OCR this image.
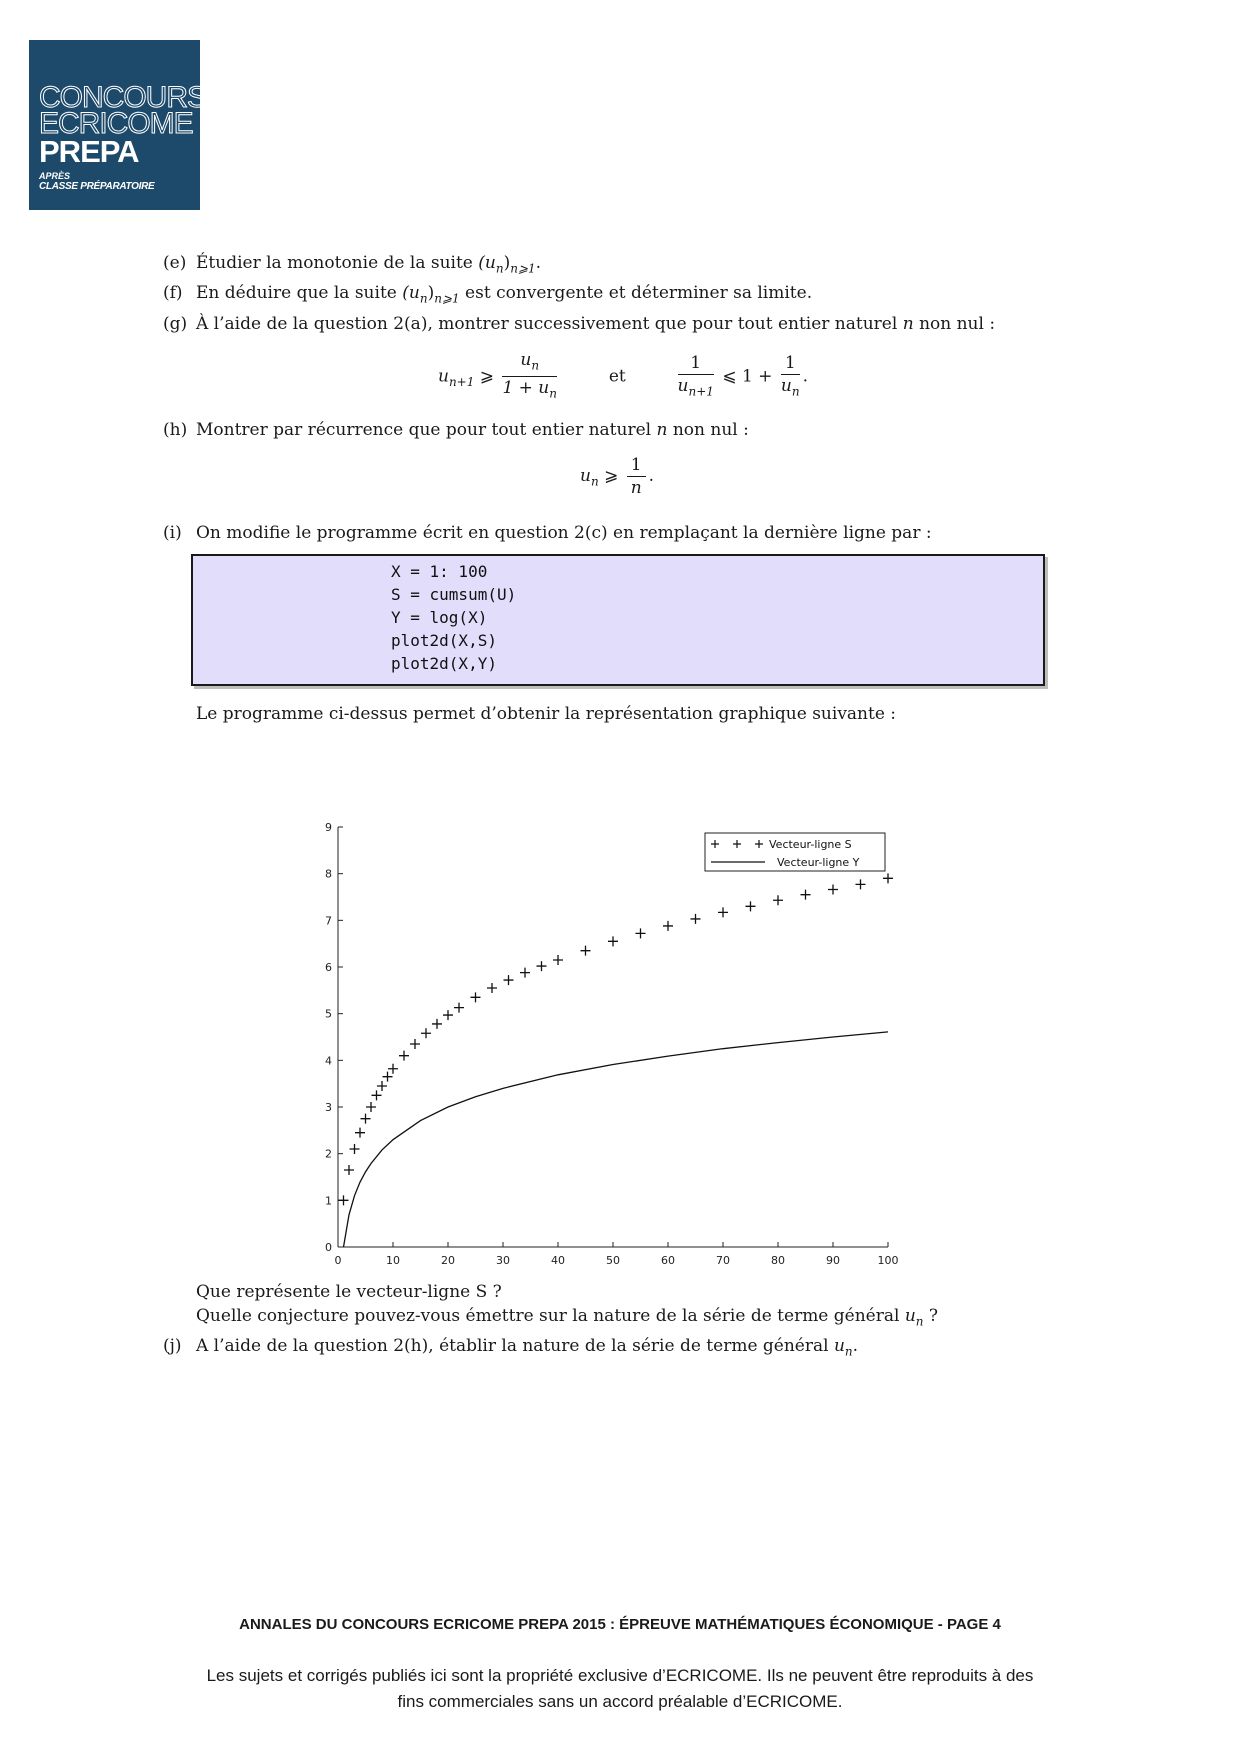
CONCOURS
ECRICOME
PREPA
APRÈS
CLASSE PRÉPARATOIRE
(e) Étudier la monotonie de la suite $(u_n)_{n⩾1}$.
(f) En déduire que la suite $(u_n)_{n⩾1}$ est convergente et déterminer sa limite.
(g) À l’aide de la question 2(a), montrer successivement que pour tout entier naturel n non nul :
$u_{n+1}$ ⩾ $\frac{u_n}{1 + u_n}$	et	$\frac{1}{u_{n+1}}$ ⩽ $1 + \frac{1}{u_n}$ .
(h) Montrer par récurrence que pour tout entier naturel n non nul :
$u_n$ ⩾ $\frac{1}{n}$ .
(i) On modifie le programme écrit en question 2(c) en remplaçant la dernière ligne par :
X = 1: 100
S = cumsum(U)
Y = log(X)
plot2d(X,S)
plot2d(X,Y)
Le programme ci-dessus permet d’obtenir la représentation graphique suivante :
0	10	20	30	40	50	60	70	80	90	100
0
1
2
3
4
5
6
7
8
9
Vecteur-ligne S
Vecteur-ligne Y
Que représente le vecteur-ligne S ?
Quelle conjecture pouvez-vous émettre sur la nature de la série de terme général $u_n$ ?
(j) A l’aide de la question 2(h), établir la nature de la série de terme général $u_n$.
ANNALES DU CONCOURS ECRICOME PREPA 2015 : ÉPREUVE MATHÉMATIQUES ÉCONOMIQUE - PAGE 4
Les sujets et corrigés publiés ici sont la propriété exclusive d’ECRICOME. Ils ne peuvent être reproduits à des
fins commerciales sans un accord préalable d’ECRICOME.
